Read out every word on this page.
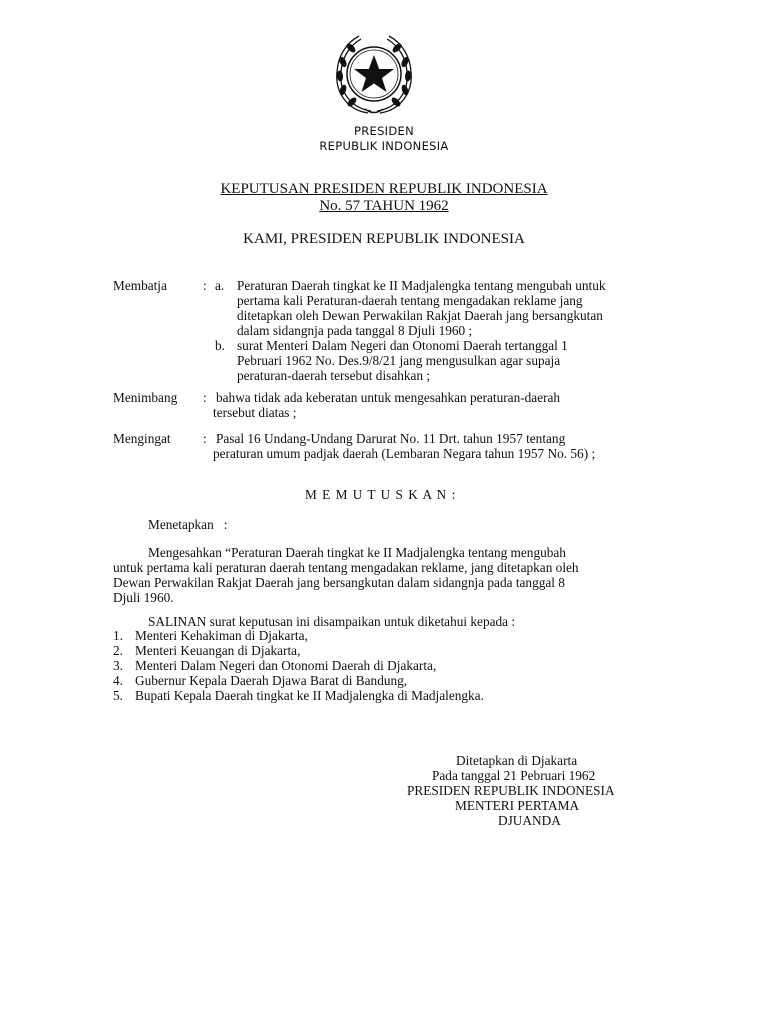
PRESIDEN
REPUBLIK INDONESIA
KEPUTUSAN PRESIDEN REPUBLIK INDONESIA
No. 57 TAHUN 1962
KAMI, PRESIDEN REPUBLIK INDONESIA
Membatja	: a. Peraturan Daerah tingkat ke II Madjalengka tentang mengubah untuk
pertama kali Peraturan-daerah tentang mengadakan reklame jang
ditetapkan oleh Dewan Perwakilan Rakjat Daerah jang bersangkutan
dalam sidangnja pada tanggal 8 Djuli 1960 ;
b. surat Menteri Dalam Negeri dan Otonomi Daerah tertanggal 1
Pebruari 1962 No. Des.9/8/21 jang mengusulkan agar supaja
peraturan-daerah tersebut disahkan ;
Menimbang : bahwa tidak ada keberatan untuk mengesahkan peraturan-daerah
tersebut diatas ;
Mengingat : Pasal 16 Undang-Undang Darurat No. 11 Drt. tahun 1957 tentang
peraturan umum padjak daerah (Lembaran Negara tahun 1957 No. 56) ;
M E M U T U S K A N :
Menetapkan   :
Mengesahkan “Peraturan Daerah tingkat ke II Madjalengka tentang mengubah
untuk pertama kali peraturan daerah tentang mengadakan reklame, jang ditetapkan oleh
Dewan Perwakilan Rakjat Daerah jang bersangkutan dalam sidangnja pada tanggal 8
Djuli 1960.
SALINAN surat keputusan ini disampaikan untuk diketahui kepada :
1. Menteri Kehakiman di Djakarta,
2. Menteri Keuangan di Djakarta,
3. Menteri Dalam Negeri dan Otonomi Daerah di Djakarta,
4. Gubernur Kepala Daerah Djawa Barat di Bandung,
5. Bupati Kepala Daerah tingkat ke II Madjalengka di Madjalengka.
Ditetapkan di Djakarta
Pada tanggal 21 Pebruari 1962
PRESIDEN REPUBLIK INDONESIA
MENTERI PERTAMA
DJUANDA
